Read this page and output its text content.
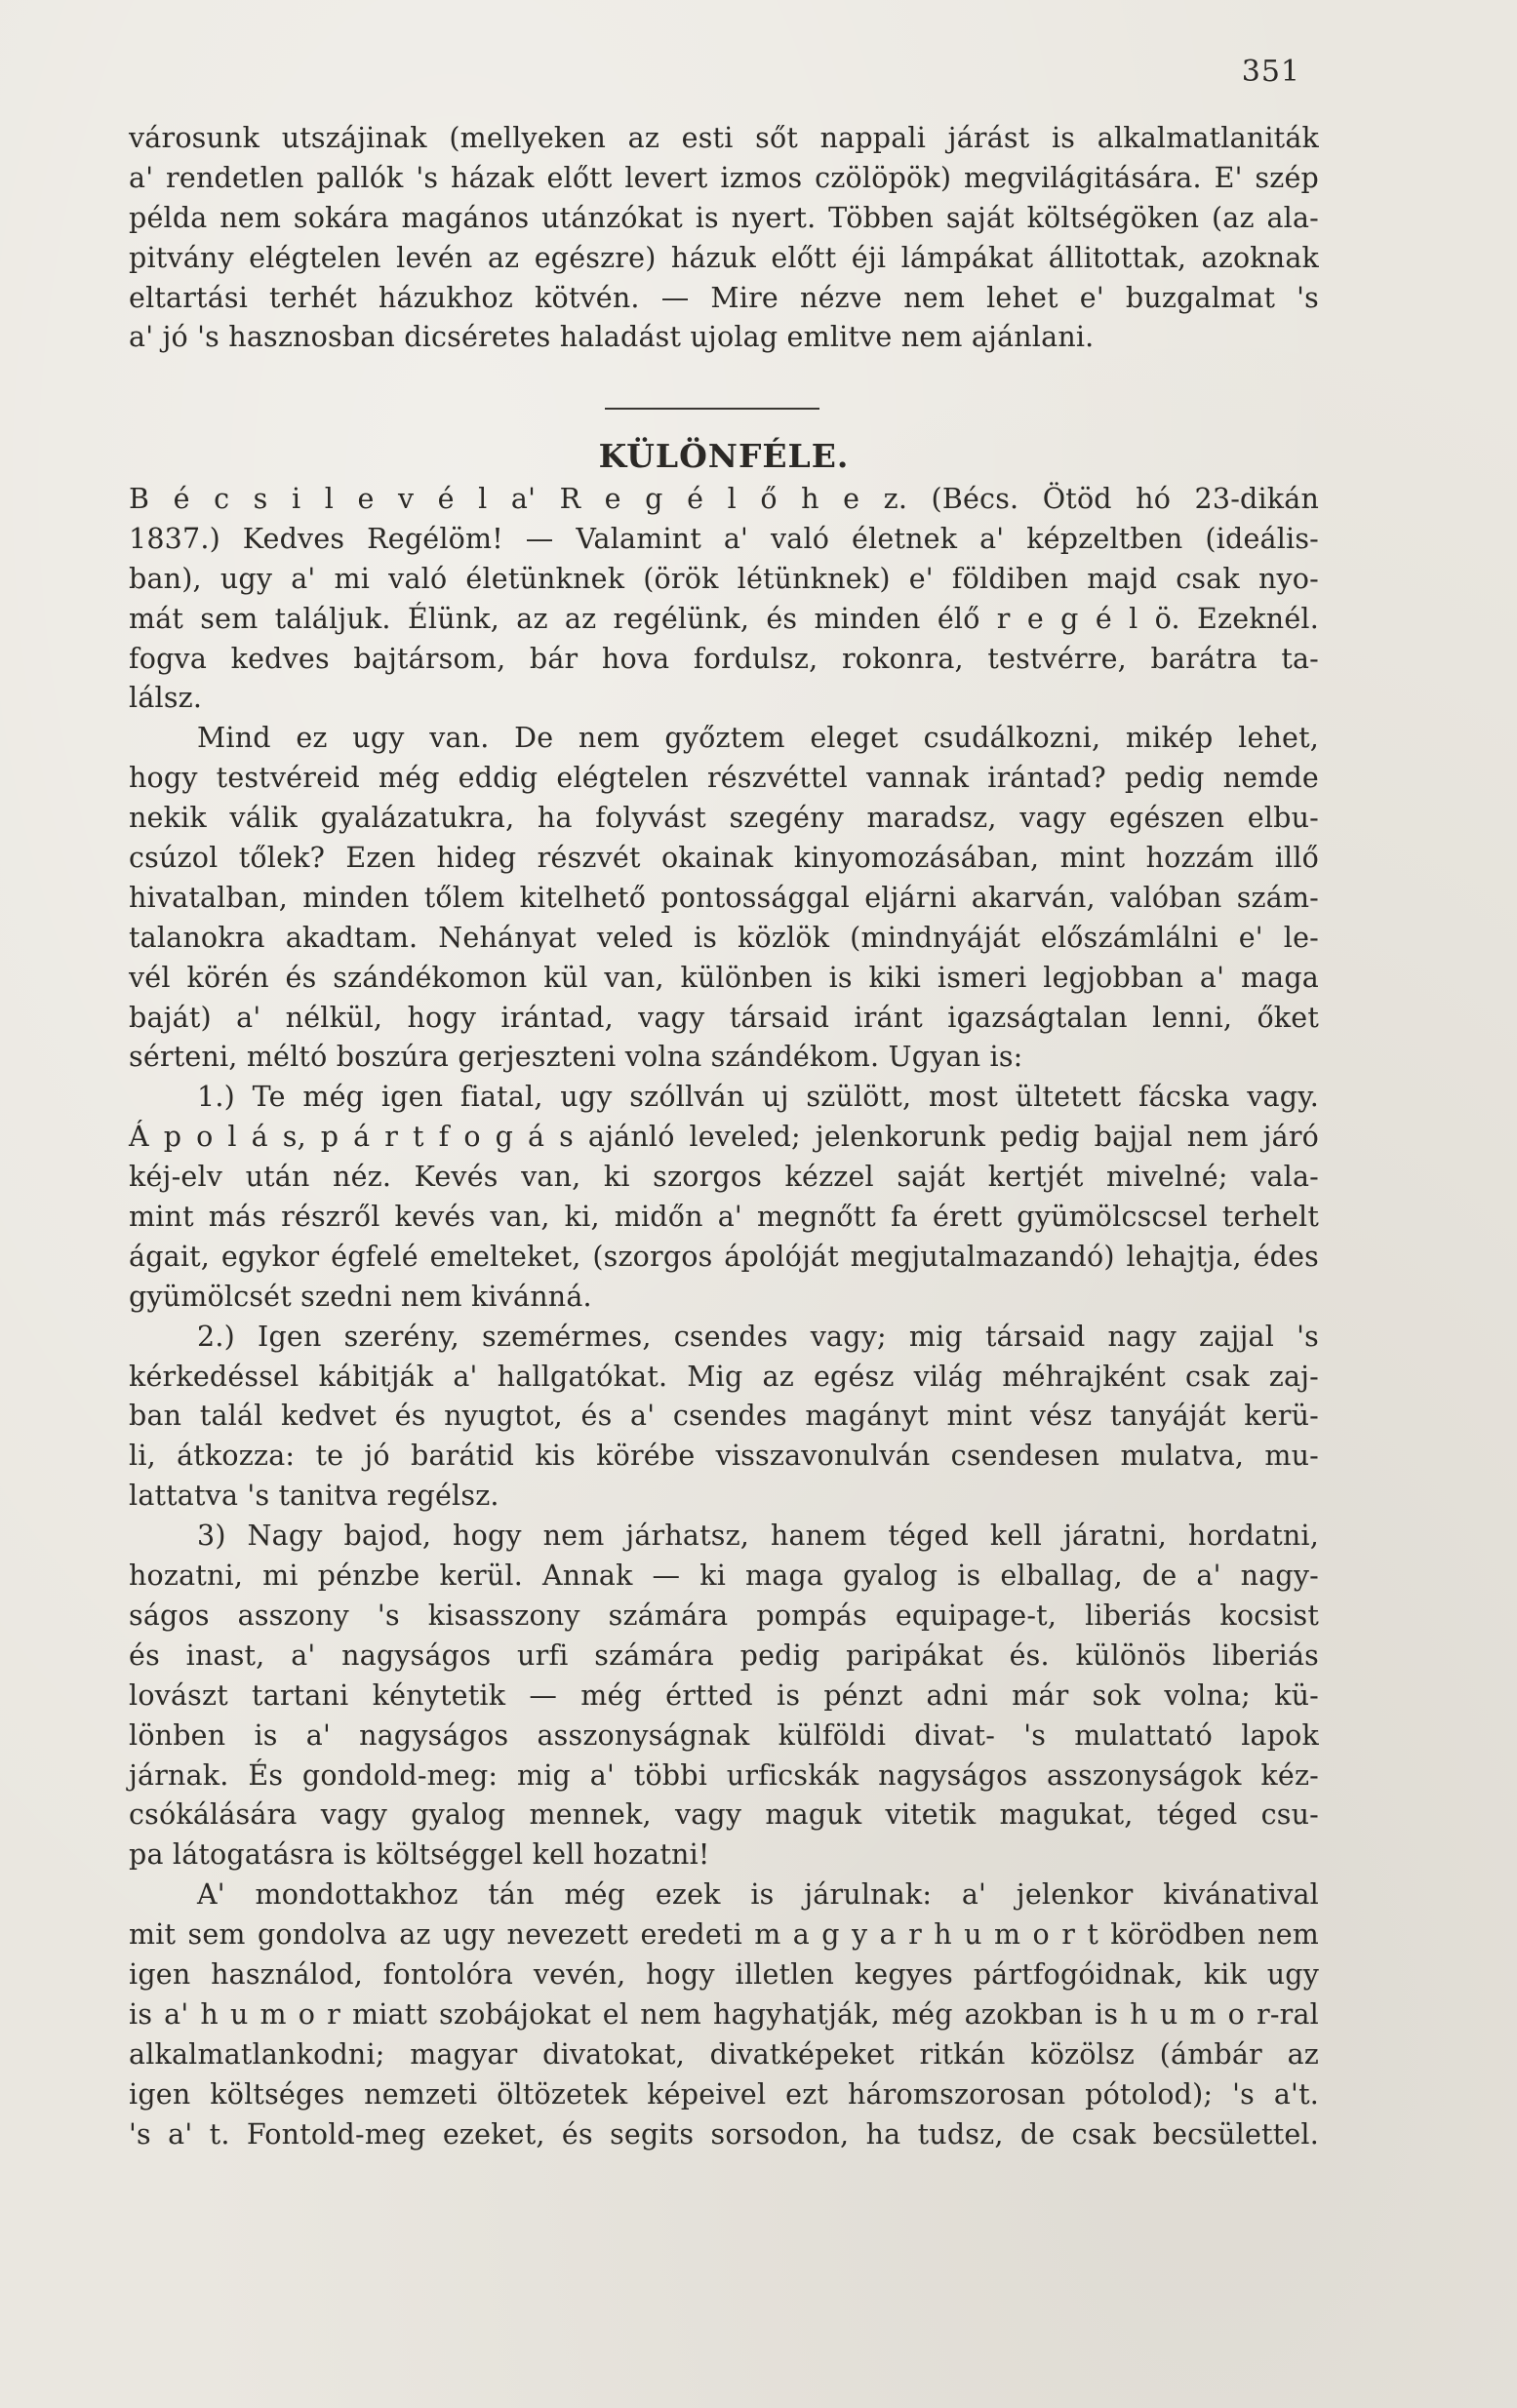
351
városunk utszájinak (mellyeken az esti sőt nappali járást is alkalmatlaniták
a' rendetlen pallók 's házak előtt levert izmos czölöpök) megvilágitására. E' szép
példa nem sokára magános utánzókat is nyert. Többen saját költségöken (az ala-
pitvány elégtelen levén az egészre) házuk előtt éji lámpákat állitottak, azoknak
eltartási terhét házukhoz kötvén. — Mire nézve nem lehet e' buzgalmat 's
a' jó 's hasznosban dicséretes haladást ujolag emlitve nem ajánlani.
KÜLÖNFÉLE.
B é c s i l e v é l a' R e g é l ő h e z. (Bécs. Ötöd hó 23-dikán
1837.) Kedves Regélöm! — Valamint a' való életnek a' képzeltben (ideális-
ban), ugy a' mi való életünknek (örök létünknek) e' földiben majd csak nyo-
mát sem találjuk. Élünk, az az regélünk, és minden élő r e g é l ö. Ezeknél.
fogva kedves bajtársom, bár hova fordulsz, rokonra, testvérre, barátra ta-
lálsz.
Mind ez ugy van. De nem győztem eleget csudálkozni, mikép lehet,
hogy testvéreid még eddig elégtelen részvéttel vannak irántad? pedig nemde
nekik válik gyalázatukra, ha folyvást szegény maradsz, vagy egészen elbu-
csúzol tőlek? Ezen hideg részvét okainak kinyomozásában, mint hozzám illő
hivatalban, minden tőlem kitelhető pontossággal eljárni akarván, valóban szám-
talanokra akadtam. Nehányat veled is közlök (mindnyáját előszámlálni e' le-
vél körén és szándékomon kül van, különben is kiki ismeri legjobban a' maga
baját) a' nélkül, hogy irántad, vagy társaid iránt igazságtalan lenni, őket
sérteni, méltó boszúra gerjeszteni volna szándékom. Ugyan is:
1.) Te még igen fiatal, ugy szóllván uj szülött, most ültetett fácska vagy.
Á p o l á s, p á r t f o g á s ajánló leveled; jelenkorunk pedig bajjal nem járó
kéj-elv után néz. Kevés van, ki szorgos kézzel saját kertjét mivelné; vala-
mint más részről kevés van, ki, midőn a' megnőtt fa érett gyümölcscsel terhelt
ágait, egykor égfelé emelteket, (szorgos ápolóját megjutalmazandó) lehajtja, édes
gyümölcsét szedni nem kivánná.
2.) Igen szerény, szemérmes, csendes vagy; mig társaid nagy zajjal 's
kérkedéssel kábitják a' hallgatókat. Mig az egész világ méhrajként csak zaj-
ban talál kedvet és nyugtot, és a' csendes magányt mint vész tanyáját kerü-
li, átkozza: te jó barátid kis körébe visszavonulván csendesen mulatva, mu-
lattatva 's tanitva regélsz.
3) Nagy bajod, hogy nem járhatsz, hanem téged kell járatni, hordatni,
hozatni, mi pénzbe kerül. Annak — ki maga gyalog is elballag, de a' nagy-
ságos asszony 's kisasszony számára pompás equipage-t, liberiás kocsist
és inast, a' nagyságos urfi számára pedig paripákat és. különös liberiás
lovászt tartani kénytetik — még értted is pénzt adni már sok volna; kü-
lönben is a' nagyságos asszonyságnak külföldi divat- 's mulattató lapok
járnak. És gondold-meg: mig a' többi urficskák nagyságos asszonyságok kéz-
csókálására vagy gyalog mennek, vagy maguk vitetik magukat, téged csu-
pa látogatásra is költséggel kell hozatni!
A' mondottakhoz tán még ezek is járulnak: a' jelenkor kivánatival
mit sem gondolva az ugy nevezett eredeti m a g y a r h u m o r t körödben nem
igen használod, fontolóra vevén, hogy illetlen kegyes pártfogóidnak, kik ugy
is a' h u m o r miatt szobájokat el nem hagyhatják, még azokban is h u m o r-ral
alkalmatlankodni; magyar divatokat, divatképeket ritkán közölsz (ámbár az
igen költséges nemzeti öltözetek képeivel ezt háromszorosan pótolod); 's a't.
's a' t. Fontold-meg ezeket, és segits sorsodon, ha tudsz, de csak becsülettel.
